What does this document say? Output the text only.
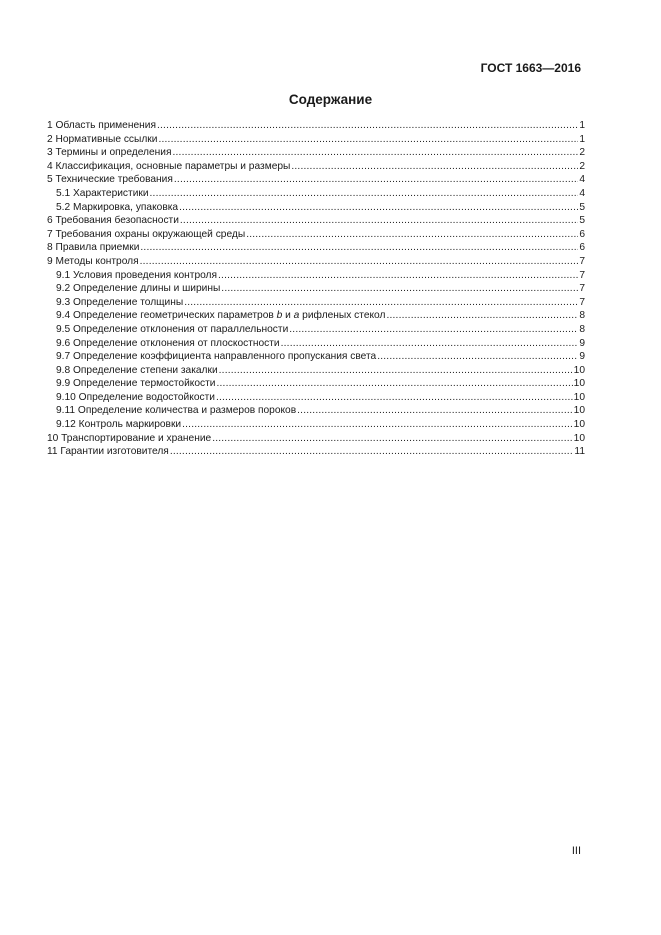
ГОСТ 1663—2016
Содержание
1 Область применения .....	1
2 Нормативные ссылки .....	1
3 Термины и определения .....	2
4 Классификация, основные параметры и размеры .....	2
5 Технические требования .....	4
5.1 Характеристики .....	4
5.2 Маркировка, упаковка .....	5
6 Требования безопасности .....	5
7 Требования охраны окружающей среды .....	6
8 Правила приемки .....	6
9 Методы контроля .....	7
9.1 Условия проведения контроля .....	7
9.2 Определение длины и ширины .....	7
9.3 Определение толщины .....	7
9.4 Определение геометрических параметров b и а рифленых стекол .....	8
9.5 Определение отклонения от параллельности .....	8
9.6 Определение отклонения от плоскостности .....	9
9.7 Определение коэффициента направленного пропускания света .....	9
9.8 Определение степени закалки .....	10
9.9 Определение термостойкости .....	10
9.10 Определение водостойкости .....	10
9.11 Определение количества и размеров пороков .....	10
9.12 Контроль маркировки .....	10
10 Транспортирование и хранение .....	10
11 Гарантии изготовителя .....	11
III
